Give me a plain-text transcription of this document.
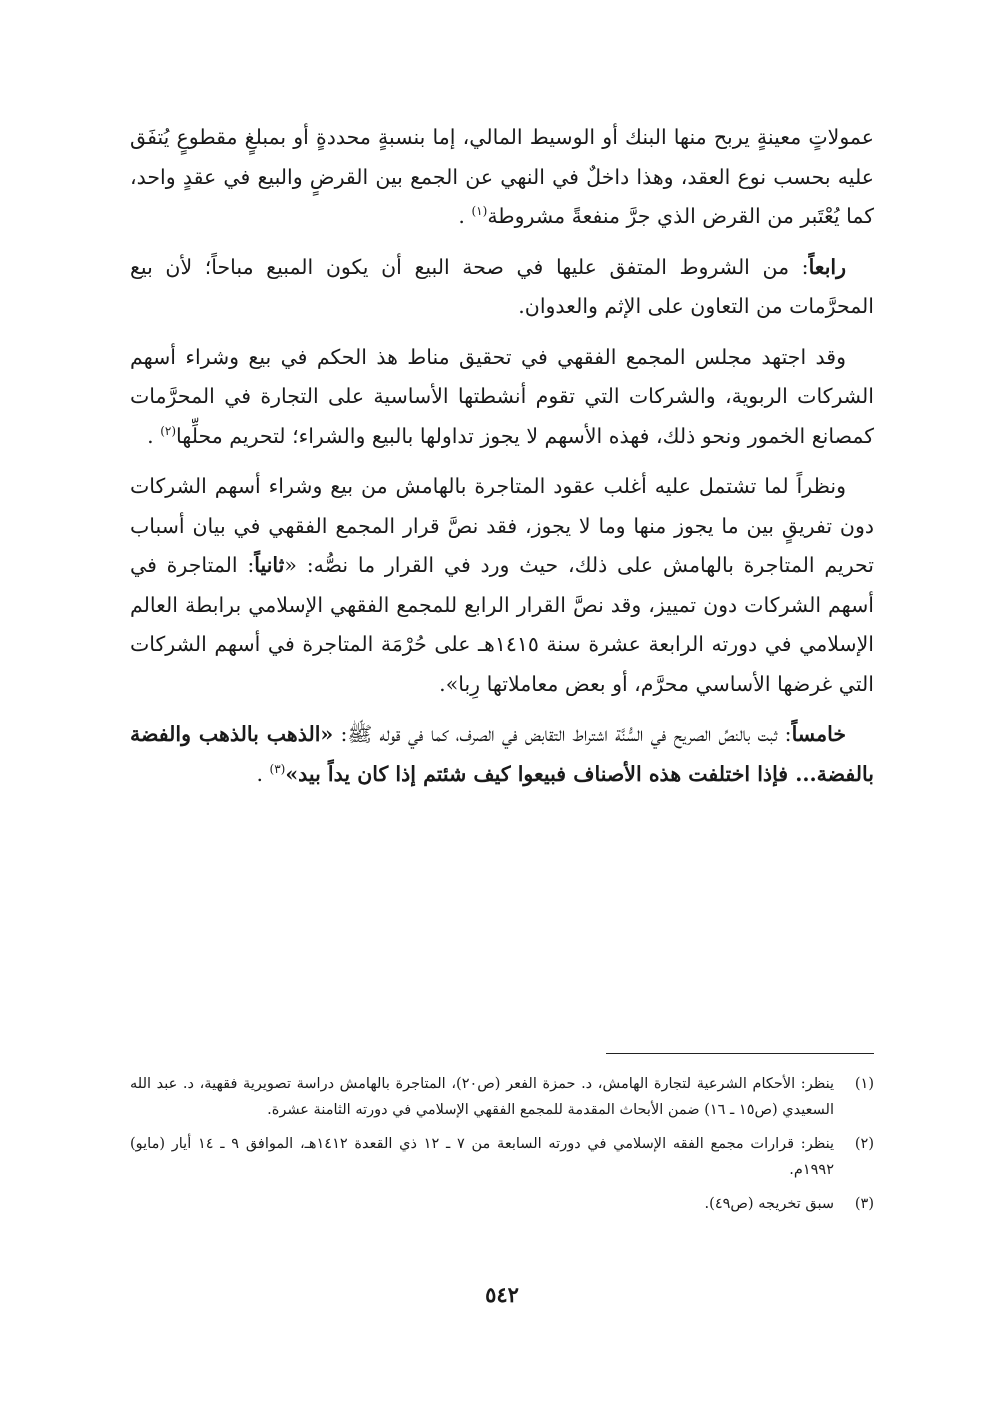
عمولاتٍ معينةٍ يربح منها البنك أو الوسيط المالي، إما بنسبةٍ محددةٍ أو بمبلغٍ مقطوعٍ يُتفَق عليه بحسب نوع العقد، وهذا داخلٌ في النهي عن الجمع بين القرضٍ والبيع في عقدٍ واحد، كما يُعْتَبر من القرض الذي جرَّ منفعةً مشروطة$^{(١)}$ .

رابعاً: من الشروط المتفق عليها في صحة البيع أن يكون المبيع مباحاً؛ لأن بيع المحرَّمات من التعاون على الإثم والعدوان.

وقد اجتهد مجلس المجمع الفقهي في تحقيق مناط هذ الحكم في بيع وشراء أسهم الشركات الربوية، والشركات التي تقوم أنشطتها الأساسية على التجارة في المحرَّمات كمصانع الخمور ونحو ذلك، فهذه الأسهم لا يجوز تداولها بالبيع والشراء؛ لتحريم محلِّها$^{(٢)}$ .

ونظراً لما تشتمل عليه أغلب عقود المتاجرة بالهامش من بيع وشراء أسهم الشركات دون تفريقٍ بين ما يجوز منها وما لا يجوز، فقد نصَّ قرار المجمع الفقهي في بيان أسباب تحريم المتاجرة بالهامش على ذلك، حيث ورد في القرار ما نصُّه: «ثانياً: المتاجرة في أسهم الشركات دون تمييز، وقد نصَّ القرار الرابع للمجمع الفقهي الإسلامي برابطة العالم الإسلامي في دورته الرابعة عشرة سنة ١٤١٥هـ على حُرْمَة المتاجرة في أسهم الشركات التي غرضها الأساسي محرَّم، أو بعض معاملاتها رِبا».

خامساً: ثبت بالنصِّ الصريح في السُّنَّة اشتراط التقابض في الصرف، كما في قوله ﷺ: «الذهب بالذهب والفضة بالفضة... فإذا اختلفت هذه الأصناف فبيعوا كيف شئتم إذا كان يداً بيد»$^{(٣)}$ .

(١)
ينظر: الأحكام الشرعية لتجارة الهامش، د. حمزة الفعر (ص٢٠)، المتاجرة بالهامش دراسة تصويرية فقهية، د. عبد الله السعيدي (ص١٥ ـ ١٦) ضمن الأبحاث المقدمة للمجمع الفقهي الإسلامي في دورته الثامنة عشرة.
(٢)
ينظر: قرارات مجمع الفقه الإسلامي في دورته السابعة من ٧ ـ ١٢ ذي القعدة ١٤١٢هـ، الموافق ٩ ـ ١٤ أيار (مايو) ١٩٩٢م.
(٣)
سبق تخريجه (ص٤٩).
٥٤٢
